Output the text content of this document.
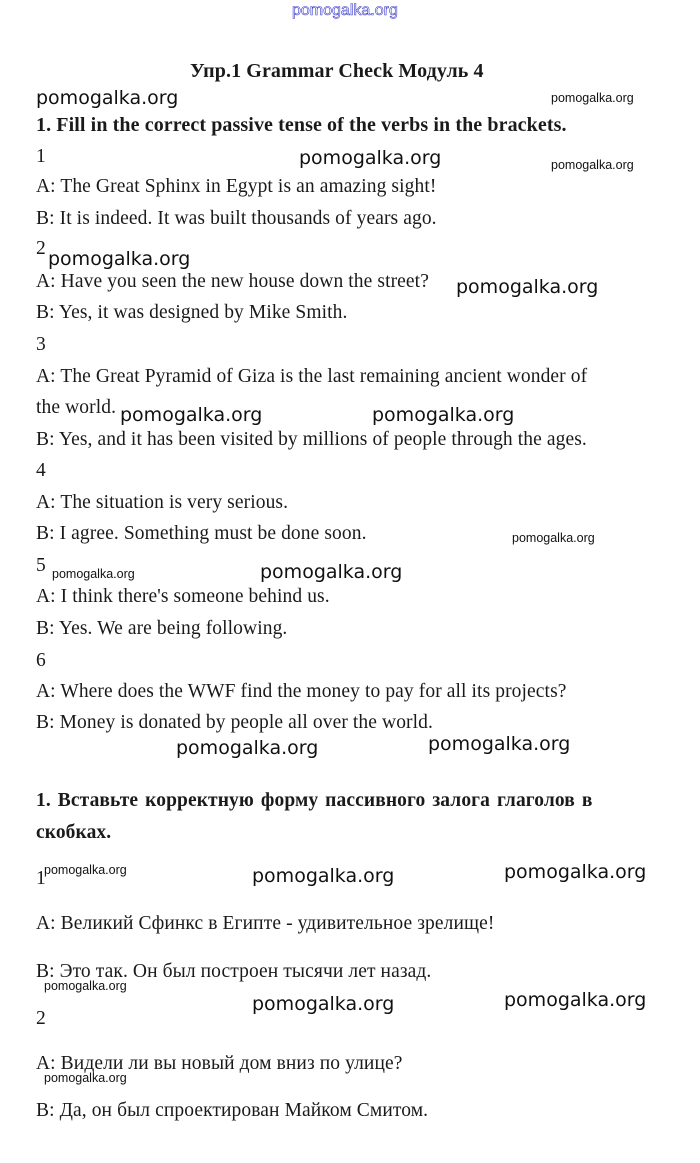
pomogalka.org
Упр.1 Grammar Check Модуль 4
pomogalka.org	pomogalka.org
1. Fill in the correct passive tense of the verbs in the brackets.
1	pomogalka.org	pomogalka.org
A: The Great Sphinx in Egypt is an amazing sight!
B: It is indeed. It was built thousands of years ago.
2 pomogalka.org
A: Have you seen the new house down the street? pomogalka.org
B: Yes, it was designed by Mike Smith.
3
A: The Great Pyramid of Giza is the last remaining ancient wonder of
the world. pomogalka.org	pomogalka.org
B: Yes, and it has been visited by millions of people through the ages.
4
A: The situation is very serious.
B: I agree. Something must be done soon.	pomogalka.org
5 pomogalka.org	pomogalka.org
A: I think there's someone behind us.
B: Yes. We are being following.
6
A: Where does the WWF find the money to pay for all its projects?
B: Money is donated by people all over the world.
pomogalka.org	pomogalka.org
1. Вставьте корректную форму пассивного залога глаголов в
скобках.
1
pomogalka.org	pomogalka.org	pomogalka.org
A: Великий Сфинкс в Египте - удивительное зрелище!
B: Это так. Он был построен тысячи лет назад.
pomogalka.org
pomogalka.org	pomogalka.org
2
A: Видели ли вы новый дом вниз по улице?
pomogalka.org
B: Да, он был спроектирован Майком Смитом.
